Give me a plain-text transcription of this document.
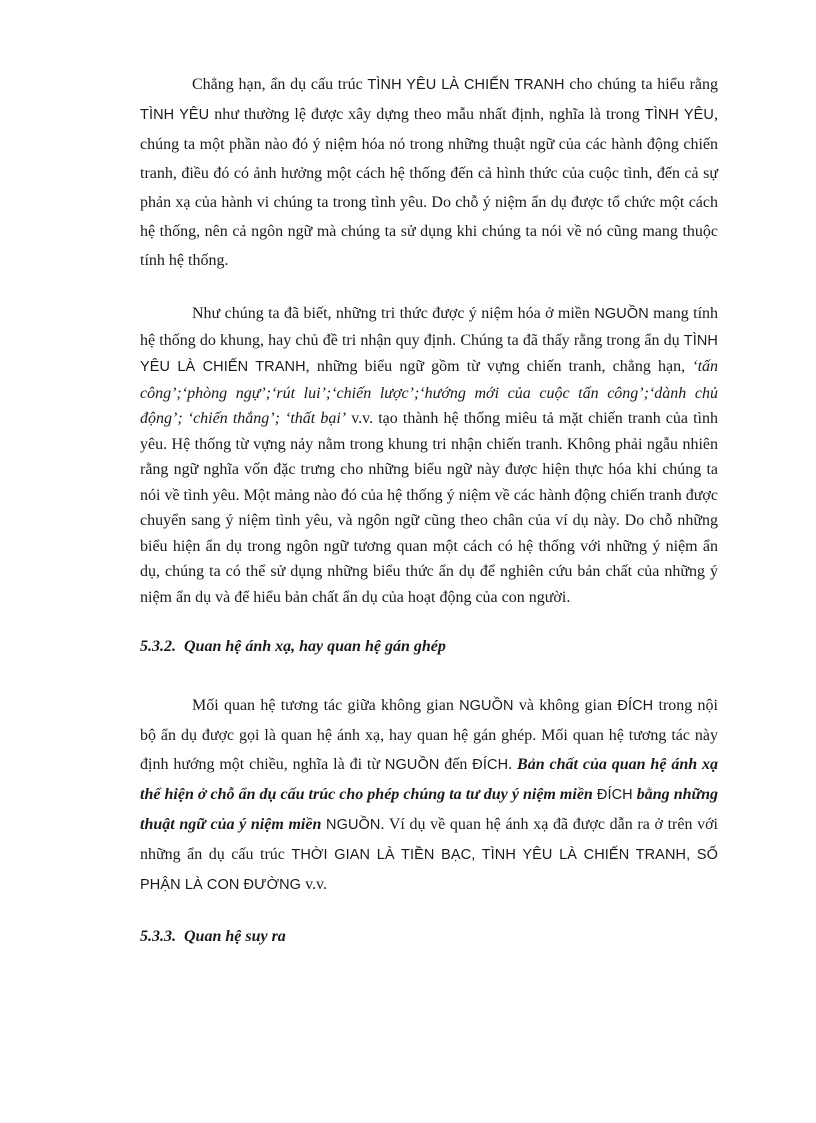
Chẳng hạn, ẩn dụ cấu trúc TÌNH YÊU LÀ CHIẾN TRANH cho chúng ta hiểu rằng TÌNH YÊU như thường lệ được xây dựng theo mẫu nhất định, nghĩa là trong TÌNH YÊU, chúng ta một phần nào đó ý niệm hóa nó trong những thuật ngữ của các hành động chiến tranh, điều đó có ảnh hưởng một cách hệ thống đến cả hình thức của cuộc tình, đến cả sự phản xạ của hành vi chúng ta trong tình yêu. Do chỗ ý niệm ẩn dụ được tổ chức một cách hệ thống, nên cả ngôn ngữ mà chúng ta sử dụng khi chúng ta nói về nó cũng mang thuộc tính hệ thống.

Như chúng ta đã biết, những tri thức được ý niệm hóa ở miền NGUỒN mang tính hệ thống do khung, hay chủ đề tri nhận quy định. Chúng ta đã thấy rằng trong ẩn dụ TÌNH YÊU LÀ CHIẾN TRANH, những biểu ngữ gồm từ vựng chiến tranh, chẳng hạn, ‘tấn công’;‘phòng ngự’;‘rút lui’;‘chiến lược’;‘hướng mới của cuộc tấn công’;‘dành chủ động’; ‘chiến thắng’; ‘thất bại’ v.v. tạo thành hệ thống miêu tả mặt chiến tranh của tình yêu. Hệ thống từ vựng nảy nằm trong khung tri nhận chiến tranh. Không phải ngẫu nhiên rằng ngữ nghĩa vốn đặc trưng cho những biểu ngữ này được hiện thực hóa khi chúng ta nói về tình yêu. Một mảng nào đó của hệ thống ý niệm về các hành động chiến tranh được chuyển sang ý niệm tình yêu, và ngôn ngữ cũng theo chân của ví dụ này. Do chỗ những biểu hiện ẩn dụ trong ngôn ngữ tương quan một cách có hệ thống với những ý niệm ẩn dụ, chúng ta có thể sử dụng những biểu thức ẩn dụ để nghiên cứu bản chất của những ý niệm ẩn dụ và để hiểu bản chất ẩn dụ của hoạt động của con người.

5.3.2. Quan hệ ánh xạ, hay quan hệ gán ghép

Mối quan hệ tương tác giữa không gian NGUỒN và không gian ĐÍCH trong nội bộ ẩn dụ được gọi là quan hệ ánh xạ, hay quan hệ gán ghép. Mối quan hệ tương tác này định hướng một chiều, nghĩa là đi từ NGUỒN đến ĐÍCH. Bản chất của quan hệ ánh xạ thể hiện ở chỗ ẩn dụ cấu trúc cho phép chúng ta tư duy ý niệm miền ĐÍCH bằng những thuật ngữ của ý niệm miền NGUỒN. Ví dụ về quan hệ ánh xạ đã được dẫn ra ở trên với những ẩn dụ cấu trúc THỜI GIAN LÀ TIỀN BẠC, TÌNH YÊU LÀ CHIẾN TRANH, SỐ PHẬN LÀ CON ĐƯỜNG v.v.

5.3.3. Quan hệ suy ra
